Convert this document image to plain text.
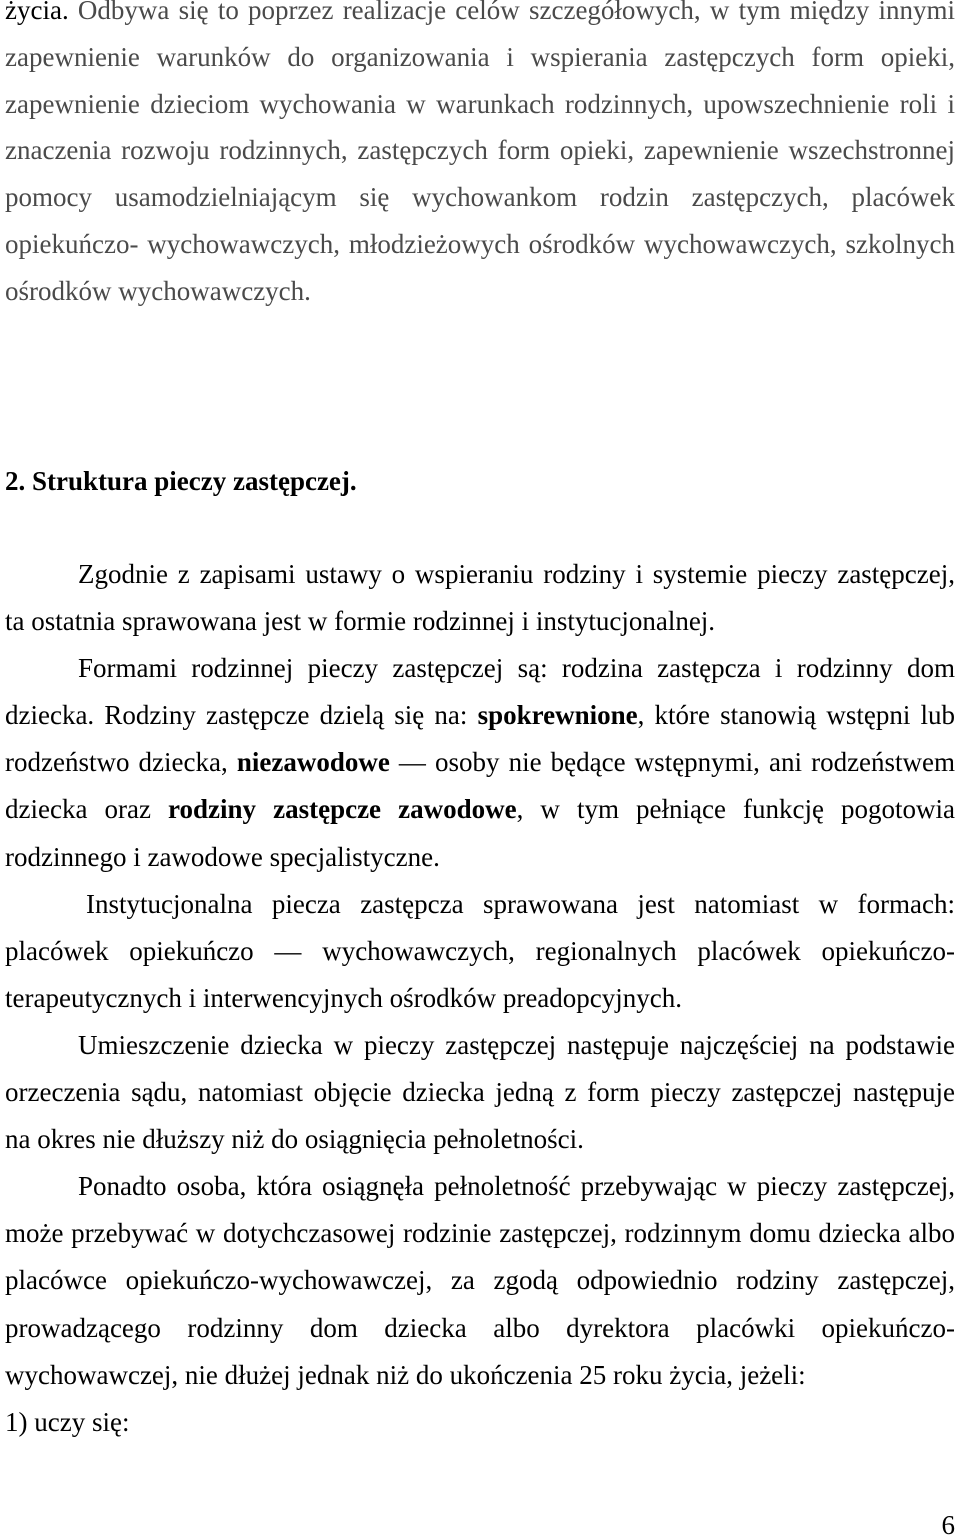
życia. Odbywa się to poprzez realizacje celów szczegółowych, w tym między innymi
zapewnienie warunków do organizowania i wspierania zastępczych form opieki,
zapewnienie dzieciom wychowania w warunkach rodzinnych, upowszechnienie roli i
znaczenia rozwoju rodzinnych, zastępczych form opieki, zapewnienie wszechstronnej
pomocy usamodzielniającym się wychowankom rodzin zastępczych, placówek
opiekuńczo- wychowawczych, młodzieżowych ośrodków wychowawczych, szkolnych
ośrodków wychowawczych.
2. Struktura pieczy zastępczej.
Zgodnie z zapisami ustawy o wspieraniu rodziny i systemie pieczy zastępczej,
ta ostatnia sprawowana jest w formie rodzinnej i instytucjonalnej.
Formami rodzinnej pieczy zastępczej są: rodzina zastępcza i rodzinny dom
dziecka. Rodziny zastępcze dzielą się na: spokrewnione, które stanowią wstępni lub
rodzeństwo dziecka, niezawodowe — osoby nie będące wstępnymi, ani rodzeństwem
dziecka oraz rodziny zastępcze zawodowe, w tym pełniące funkcję pogotowia
rodzinnego i zawodowe specjalistyczne.
Instytucjonalna piecza zastępcza sprawowana jest natomiast w formach:
placówek opiekuńczo — wychowawczych, regionalnych placówek opiekuńczo-
terapeutycznych i interwencyjnych ośrodków preadopcyjnych.
Umieszczenie dziecka w pieczy zastępczej następuje najczęściej na podstawie
orzeczenia sądu, natomiast objęcie dziecka jedną z form pieczy zastępczej następuje
na okres nie dłuższy niż do osiągnięcia pełnoletności.
Ponadto osoba, która osiągnęła pełnoletność przebywając w pieczy zastępczej,
może przebywać w dotychczasowej rodzinie zastępczej, rodzinnym domu dziecka albo
placówce opiekuńczo-wychowawczej, za zgodą odpowiednio rodziny zastępczej,
prowadzącego rodzinny dom dziecka albo dyrektora placówki opiekuńczo-
wychowawczej, nie dłużej jednak niż do ukończenia 25 roku życia, jeżeli:
1) uczy się:
6
